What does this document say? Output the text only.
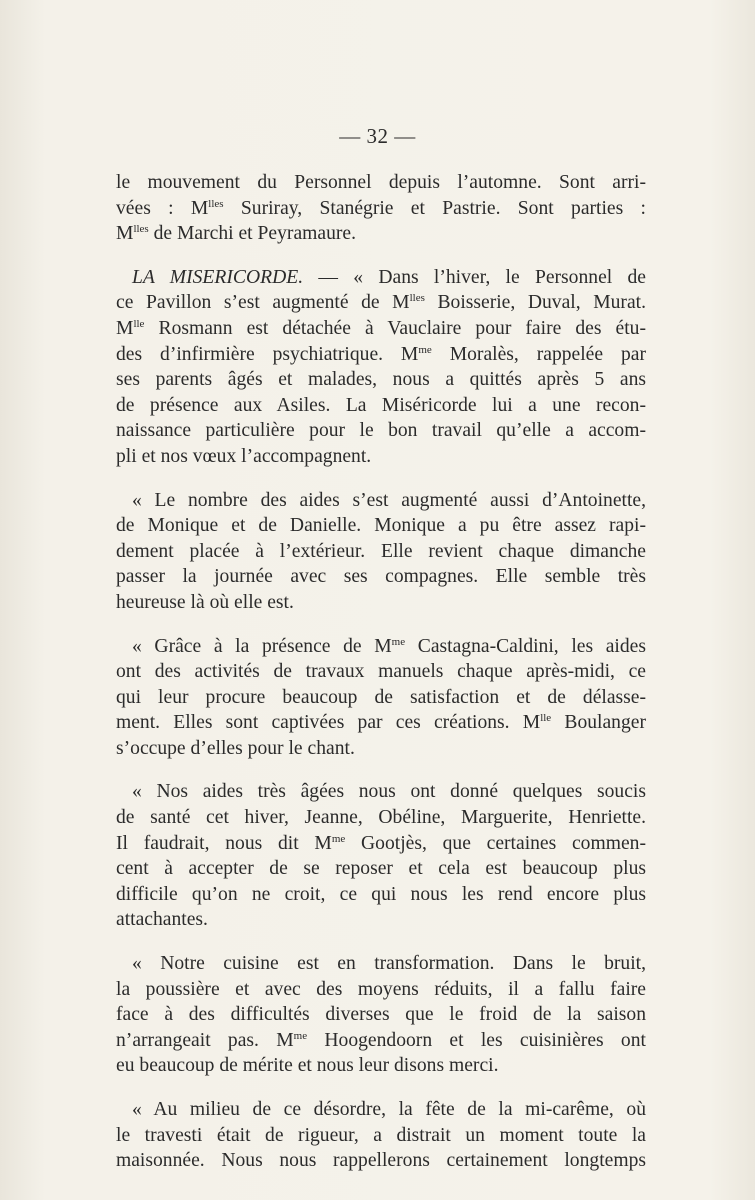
— 32 —
le mouvement du Personnel depuis l’automne. Sont arri-
vées : $M^{lles}$ Suriray, Stanégrie et Pastrie. Sont parties :
$M^{lles}$ de Marchi et Peyramaure.
LA MISERICORDE. — « Dans l’hiver, le Personnel de
ce Pavillon s’est augmenté de $M^{lles}$ Boisserie, Duval, Murat.
$M^{lle}$ Rosmann est détachée à Vauclaire pour faire des étu-
des d’infirmière psychiatrique. $M^{me}$ Moralès, rappelée par
ses parents âgés et malades, nous a quittés après 5 ans
de présence aux Asiles. La Miséricorde lui a une recon-
naissance particulière pour le bon travail qu’elle a accom-
pli et nos vœux l’accompagnent.
« Le nombre des aides s’est augmenté aussi d’Antoinette,
de Monique et de Danielle. Monique a pu être assez rapi-
dement placée à l’extérieur. Elle revient chaque dimanche
passer la journée avec ses compagnes. Elle semble très
heureuse là où elle est.
« Grâce à la présence de $M^{me}$ Castagna-Caldini, les aides
ont des activités de travaux manuels chaque après-midi, ce
qui leur procure beaucoup de satisfaction et de délasse-
ment. Elles sont captivées par ces créations. $M^{lle}$ Boulanger
s’occupe d’elles pour le chant.
« Nos aides très âgées nous ont donné quelques soucis
de santé cet hiver, Jeanne, Obéline, Marguerite, Henriette.
Il faudrait, nous dit $M^{me}$ Gootjès, que certaines commen-
cent à accepter de se reposer et cela est beaucoup plus
difficile qu’on ne croit, ce qui nous les rend encore plus
attachantes.
« Notre cuisine est en transformation. Dans le bruit,
la poussière et avec des moyens réduits, il a fallu faire
face à des difficultés diverses que le froid de la saison
n’arrangeait pas. $M^{me}$ Hoogendoorn et les cuisinières ont
eu beaucoup de mérite et nous leur disons merci.
« Au milieu de ce désordre, la fête de la mi-carême, où
le travesti était de rigueur, a distrait un moment toute la
maisonnée. Nous nous rappellerons certainement longtemps
